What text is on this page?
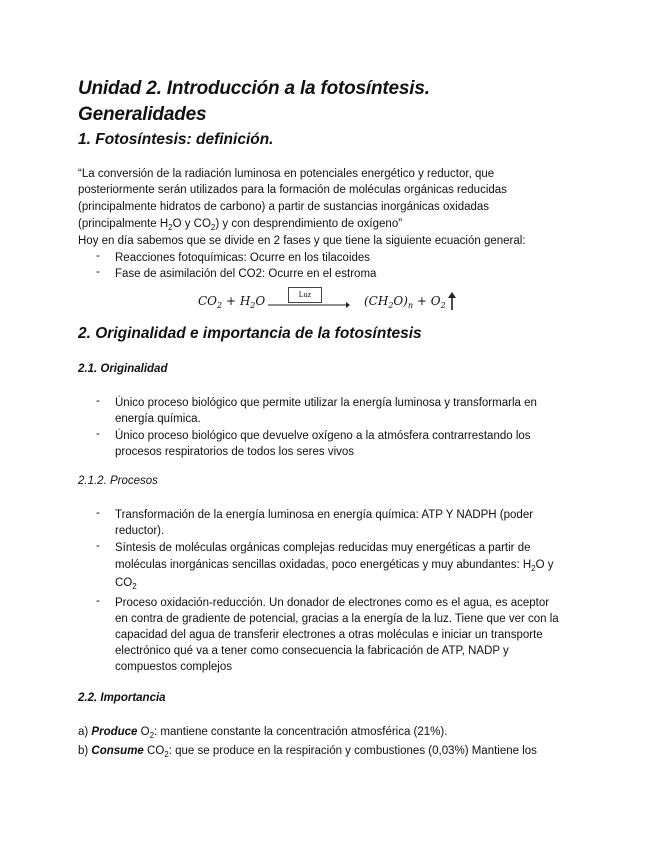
Unidad 2. Introducción a la fotosíntesis.
Generalidades
1. Fotosíntesis: definición.
“La conversión de la radiación luminosa en potenciales energético y reductor, que
posteriormente serán utilizados para la formación de moléculas orgánicas reducidas
(principalmente hidratos de carbono) a partir de sustancias inorgánicas oxidadas
(principalmente $H_2O$ y $CO_2$) y con desprendimiento de oxígeno”
Hoy en día sabemos que se divide en 2 fases y que tiene la siguiente ecuación general:
- Reacciones fotoquímicas: Ocurre en los tilacoides
- Fase de asimilación del CO2: Ocurre en el estroma
$CO_2 + H_2O$	Luz	$(CH_2O)_n + O_2$
2. Originalidad e importancia de la fotosíntesis
2.1. Originalidad
- Único proceso biológico que permite utilizar la energía luminosa y transformarla en
energía química.
- Único proceso biológico que devuelve oxígeno a la atmósfera contrarrestando los
procesos respiratorios de todos los seres vivos
2.1.2. Procesos
- Transformación de la energía luminosa en energía química: ATP Y NADPH (poder
reductor).
- Síntesis de moléculas orgánicas complejas reducidas muy energéticas a partir de
moléculas inorgánicas sencillas oxidadas, poco energéticas y muy abundantes: $H_2O$ y
$CO_2$
- Proceso oxidación-reducción. Un donador de electrones como es el agua, es aceptor
en contra de gradiente de potencial, gracias a la energía de la luz. Tiene que ver con la
capacidad del agua de transferir electrones a otras moléculas e iniciar un transporte
electrónico qué va a tener como consecuencia la fabricación de ATP, NADP y
compuestos complejos
2.2. Importancia
a) Produce $O_2$: mantiene constante la concentración atmosférica (21%).
b) Consume $CO_2$: que se produce en la respiración y combustiones (0,03%) Mantiene los
